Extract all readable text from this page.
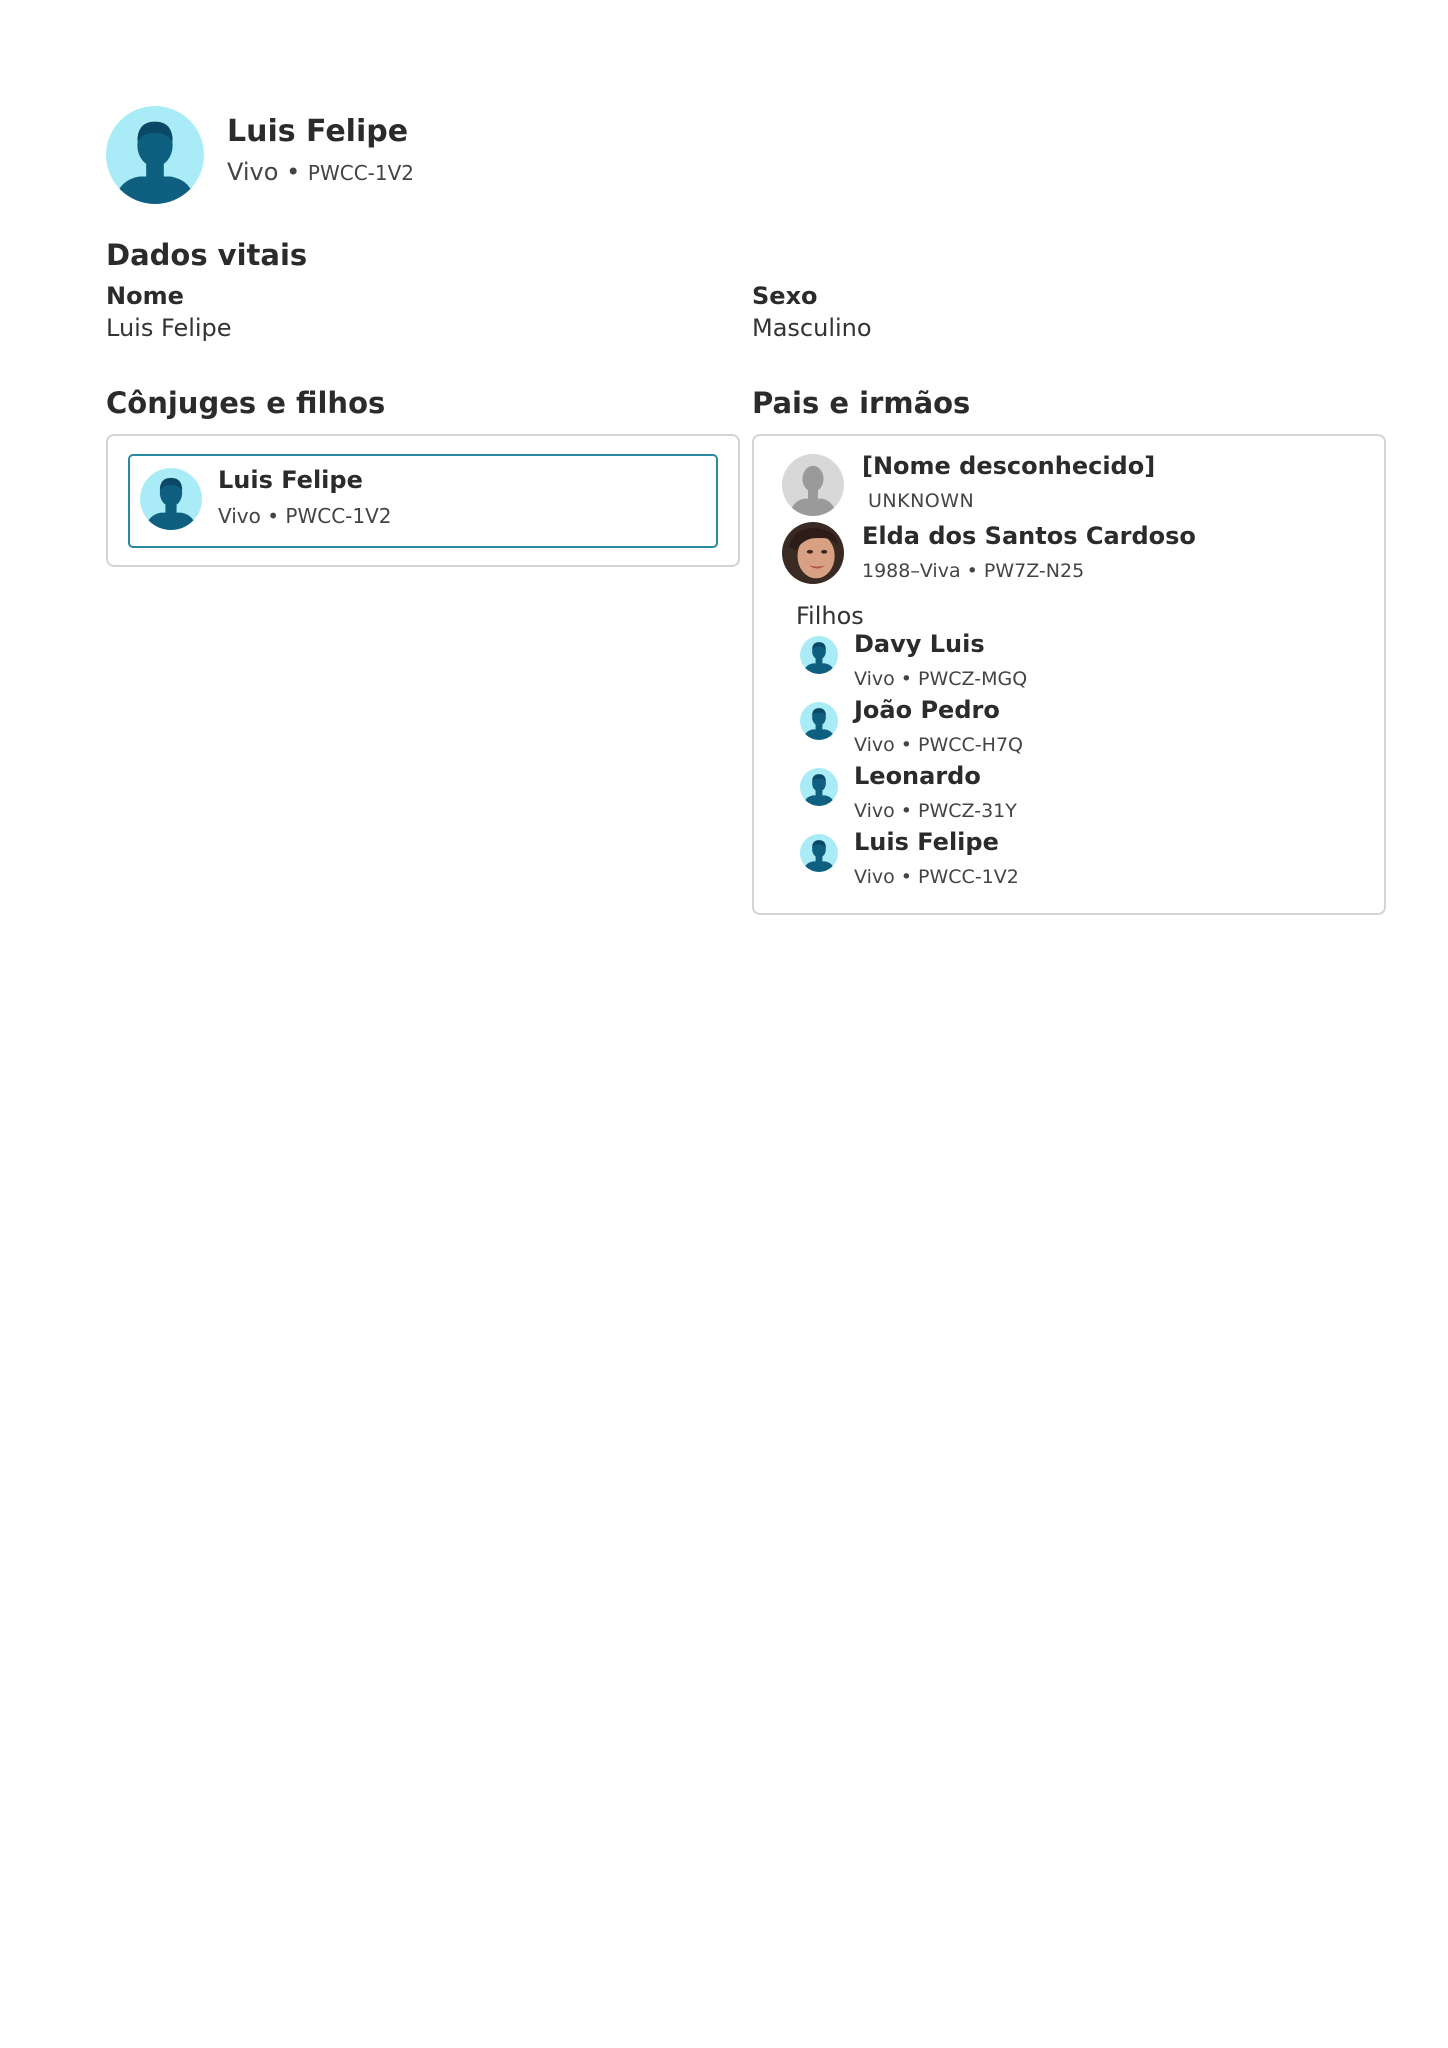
Luis Felipe
Vivo • PWCC-1V2
Dados vitais
Nome
Luis Felipe
Sexo
Masculino
Cônjuges e filhos
Luis Felipe
Vivo • PWCC-1V2
Pais e irmãos
[Nome desconhecido]
UNKNOWN
Elda dos Santos Cardoso
1988–Viva • PW7Z-N25
Filhos
Davy Luis
Vivo • PWCZ-MGQ
João Pedro
Vivo • PWCC-H7Q
Leonardo
Vivo • PWCZ-31Y
Luis Felipe
Vivo • PWCC-1V2
